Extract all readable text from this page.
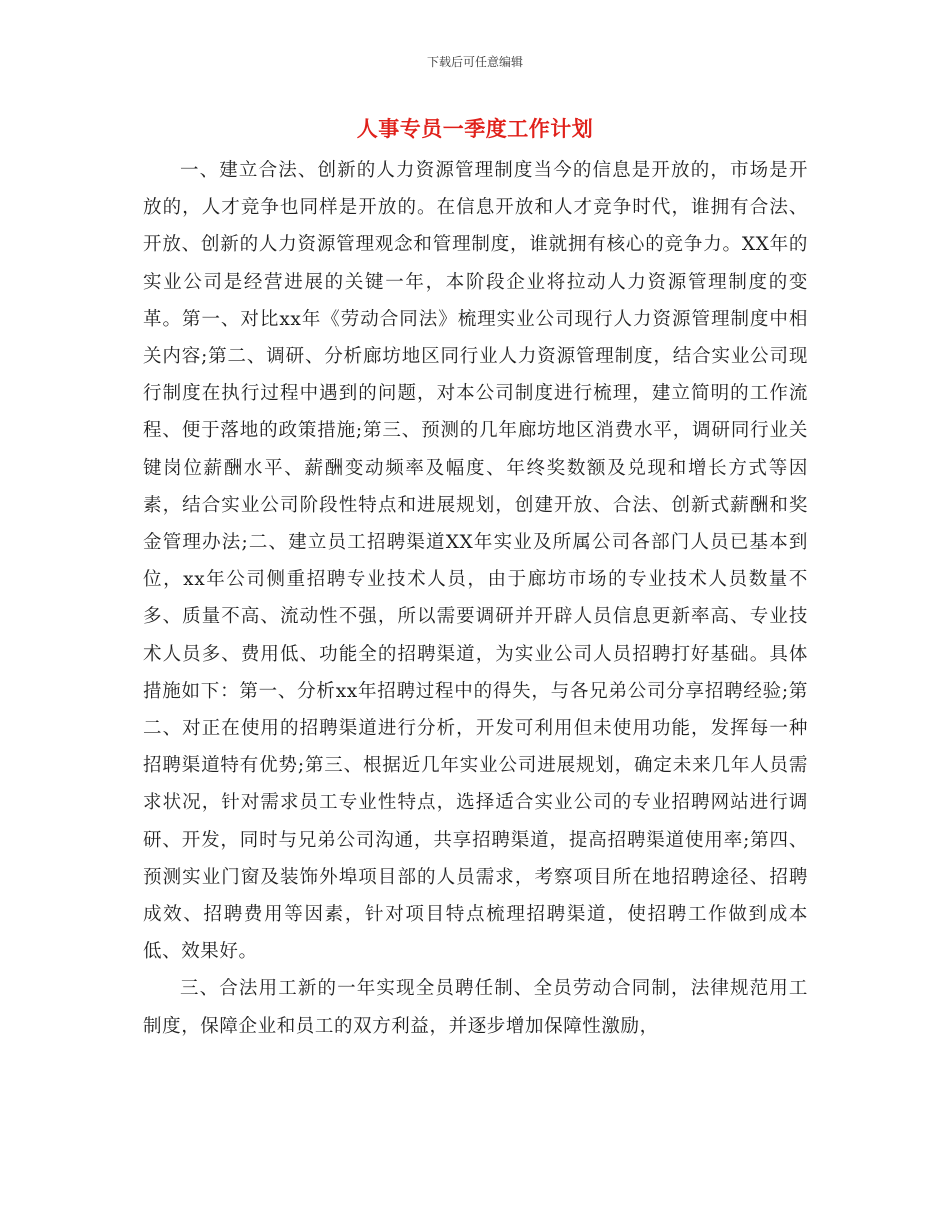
下载后可任意编辑
人事专员一季度工作计划

一、建立合法、创新的人力资源管理制度当今的信息是开放的，市场是开放的，人才竞争也同样是开放的。在信息开放和人才竞争时代，谁拥有合法、开放、创新的人力资源管理观念和管理制度，谁就拥有核心的竞争力。XX年的实业公司是经营进展的关键一年，本阶段企业将拉动人力资源管理制度的变革。第一、对比xx年《劳动合同法》梳理实业公司现行人力资源管理制度中相关内容;第二、调研、分析廊坊地区同行业人力资源管理制度，结合实业公司现行制度在执行过程中遇到的问题，对本公司制度进行梳理，建立简明的工作流程、便于落地的政策措施;第三、预测的几年廊坊地区消费水平，调研同行业关键岗位薪酬水平、薪酬变动频率及幅度、年终奖数额及兑现和增长方式等因素，结合实业公司阶段性特点和进展规划，创建开放、合法、创新式薪酬和奖金管理办法;二、建立员工招聘渠道XX年实业及所属公司各部门人员已基本到位，xx年公司侧重招聘专业技术人员，由于廊坊市场的专业技术人员数量不多、质量不高、流动性不强，所以需要调研并开辟人员信息更新率高、专业技术人员多、费用低、功能全的招聘渠道，为实业公司人员招聘打好基础。具体措施如下：第一、分析xx年招聘过程中的得失，与各兄弟公司分享招聘经验;第二、对正在使用的招聘渠道进行分析，开发可利用但未使用功能，发挥每一种招聘渠道特有优势;第三、根据近几年实业公司进展规划，确定未来几年人员需求状况，针对需求员工专业性特点，选择适合实业公司的专业招聘网站进行调研、开发，同时与兄弟公司沟通，共享招聘渠道，提高招聘渠道使用率;第四、预测实业门窗及装饰外埠项目部的人员需求，考察项目所在地招聘途径、招聘成效、招聘费用等因素，针对项目特点梳理招聘渠道，使招聘工作做到成本低、效果好。

三、合法用工新的一年实现全员聘任制、全员劳动合同制，法律规范用工制度，保障企业和员工的双方利益，并逐步增加保障性激励，
